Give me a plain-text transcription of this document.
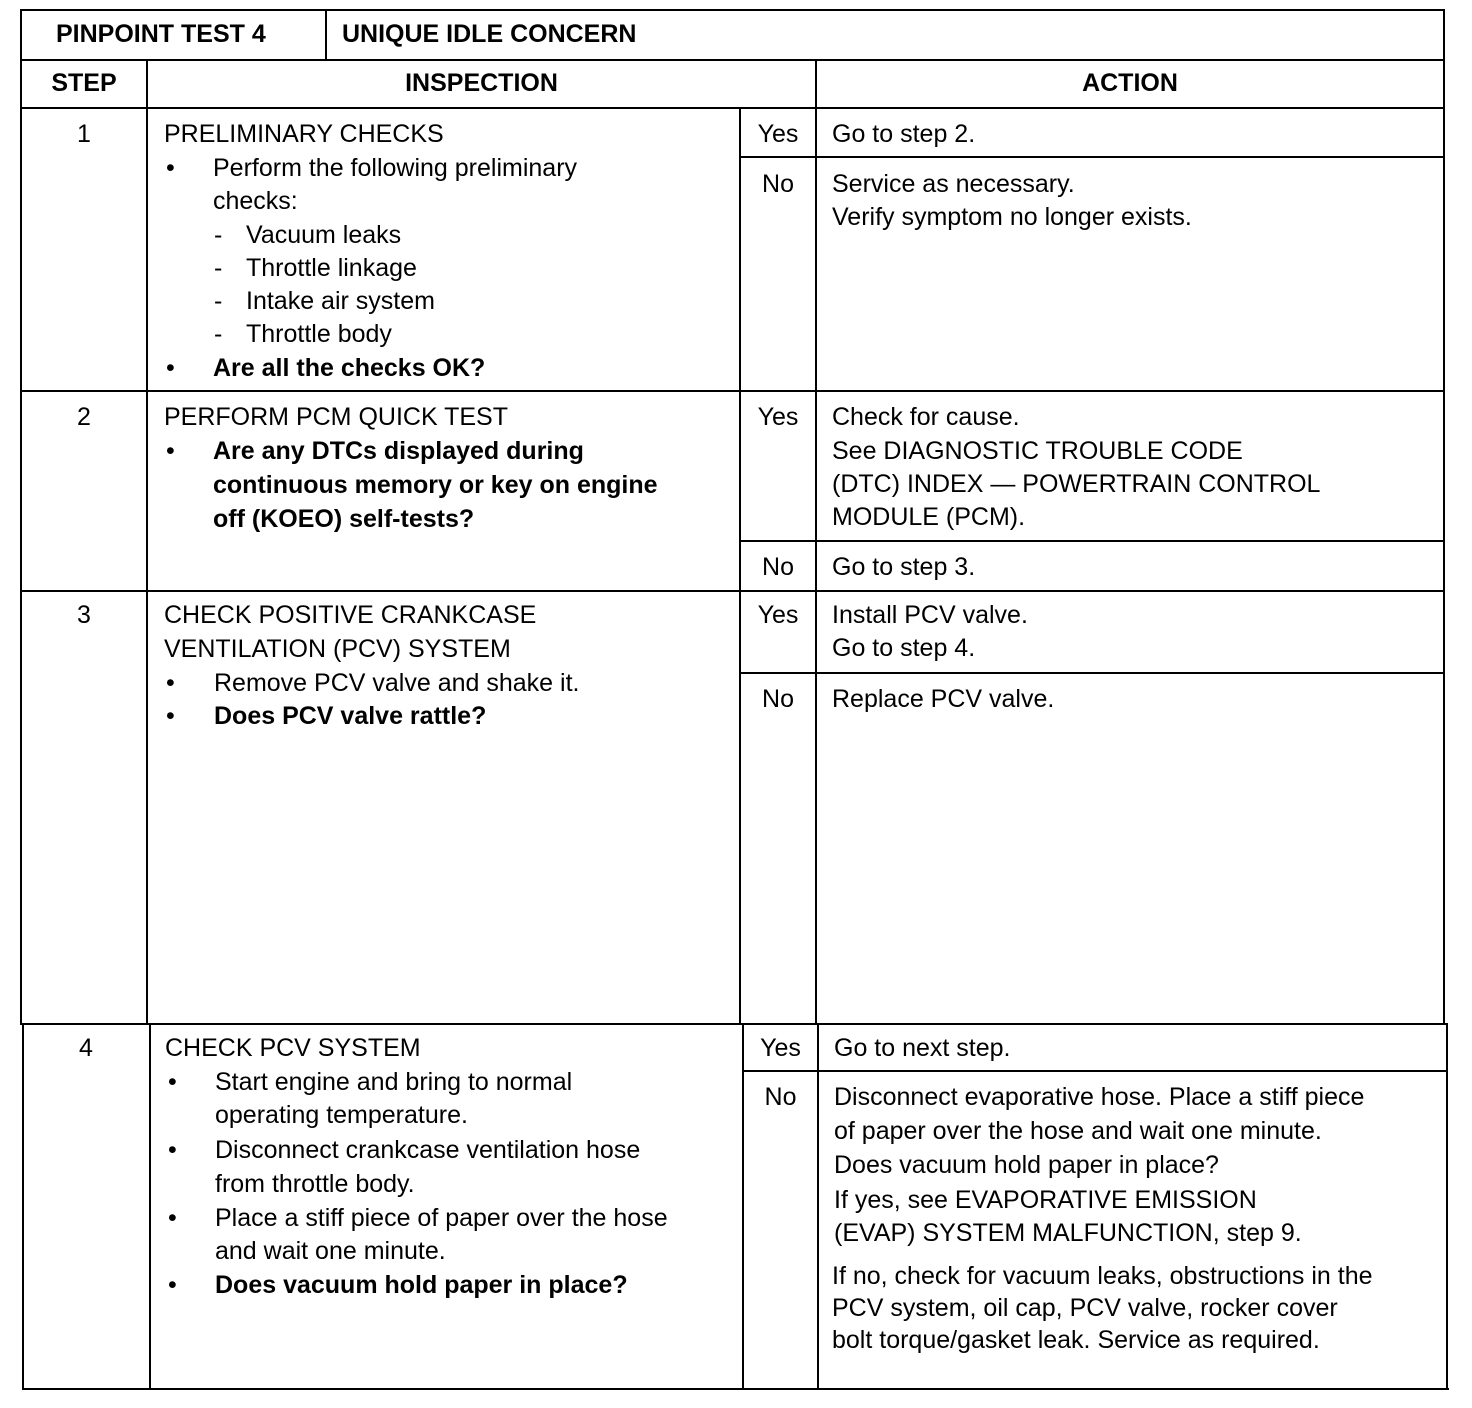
PINPOINT TEST 4	UNIQUE IDLE CONCERN
STEP	INSPECTION	ACTION
1	PRELIMINARY CHECKS
• Perform the following preliminary
checks:
- Vacuum leaks
- Throttle linkage
- Intake air system
- Throttle body
• Are all the checks OK?
Yes	Go to step 2.
No	Service as necessary.
Verify symptom no longer exists.
2	PERFORM PCM QUICK TEST
• Are any DTCs displayed during
continuous memory or key on engine
off (KOEO) self-tests?
Yes	Check for cause.
See DIAGNOSTIC TROUBLE CODE
(DTC) INDEX — POWERTRAIN CONTROL
MODULE (PCM).
No	Go to step 3.
3	CHECK POSITIVE CRANKCASE
VENTILATION (PCV) SYSTEM
• Remove PCV valve and shake it.
• Does PCV valve rattle?
Yes	Install PCV valve.
Go to step 4.
No	Replace PCV valve.
4	CHECK PCV SYSTEM
• Start engine and bring to normal
operating temperature.
• Disconnect crankcase ventilation hose
from throttle body.
• Place a stiff piece of paper over the hose
and wait one minute.
• Does vacuum hold paper in place?
Yes	Go to next step.
No	Disconnect evaporative hose. Place a stiff piece
of paper over the hose and wait one minute.
Does vacuum hold paper in place?
If yes, see EVAPORATIVE EMISSION
(EVAP) SYSTEM MALFUNCTION, step 9.
If no, check for vacuum leaks, obstructions in the
PCV system, oil cap, PCV valve, rocker cover
bolt torque/gasket leak. Service as required.
